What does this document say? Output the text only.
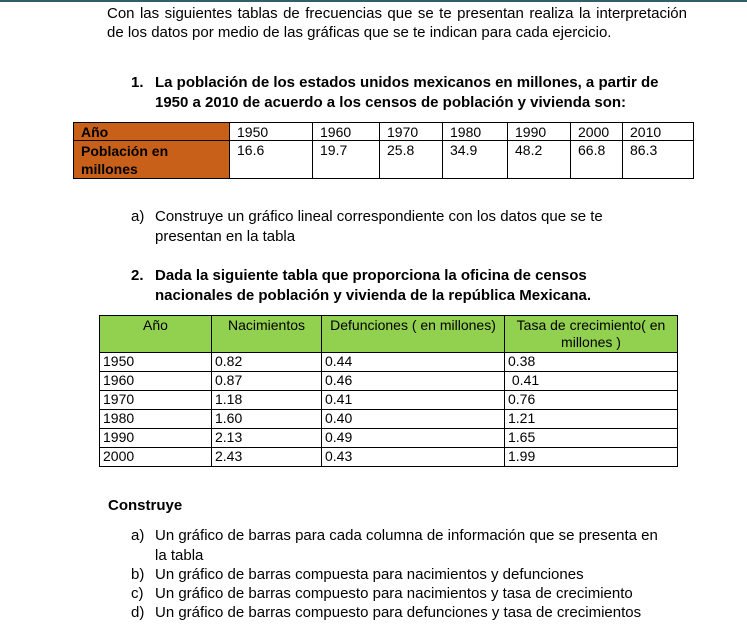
Con las siguientes tablas de frecuencias que se te presentan realiza la interpretación de los datos por medio de las gráficas que se te indican para cada ejercicio.

1. La población de los estados unidos mexicanos en millones, a partir de
1950 a 2010 de acuerdo a los censos de población y vivienda son:
Año	1950	1960	1970	1980	1990	2000	2010
Población en millones	16.6	19.7	25.8	34.9	48.2	66.8	86.3
a) Construye un gráfico lineal correspondiente con los datos que se te
presentan en la tabla
2. Dada la siguiente tabla que proporciona la oficina de censos
nacionales de población y vivienda de la república Mexicana.
Año	Nacimientos	Defunciones ( en millones)	Tasa de crecimiento( en millones )
1950	0.82	0.44	0.38
1960	0.87	0.46	0.41
1970	1.18	0.41	0.76
1980	1.60	0.40	1.21
1990	2.13	0.49	1.65
2000	2.43	0.43	1.99
Construye
a) Un gráfico de barras para cada columna de información que se presenta en
la tabla
b) Un gráfico de barras compuesta para nacimientos y defunciones
c) Un gráfico de barras compuesto para nacimientos y tasa de crecimiento
d) Un gráfico de barras compuesto para defunciones y tasa de crecimientos
